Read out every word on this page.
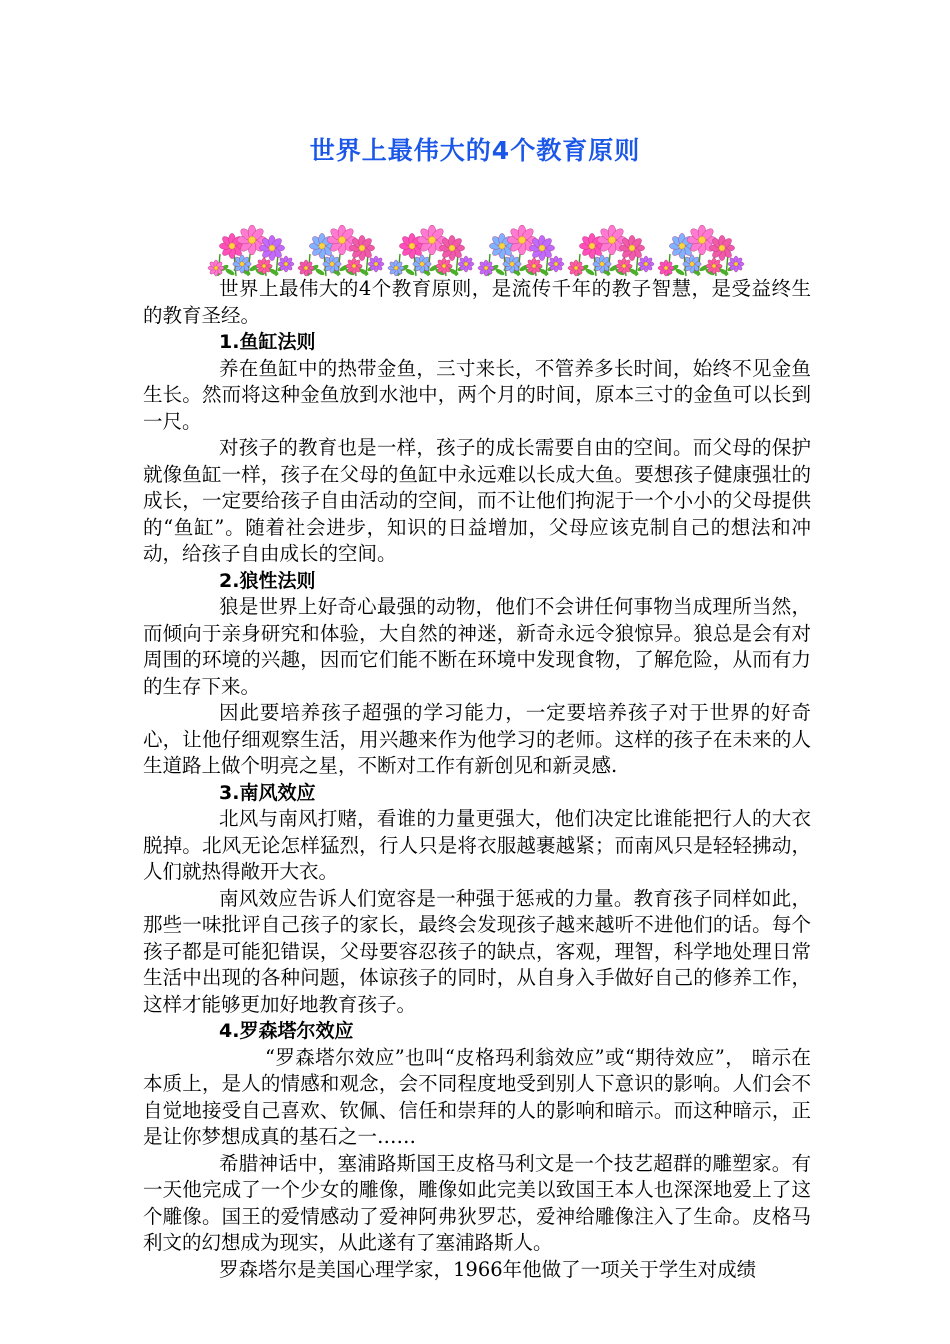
世界上最伟大的4个教育原则

世界上最伟大的4个教育原则，是流传千年的教子智慧，是受益终生的教育圣经。

1.鱼缸法则

养在鱼缸中的热带金鱼，三寸来长，不管养多长时间，始终不见金鱼生长。然而将这种金鱼放到水池中，两个月的时间，原本三寸的金鱼可以长到一尺。

对孩子的教育也是一样，孩子的成长需要自由的空间。而父母的保护就像鱼缸一样，孩子在父母的鱼缸中永远难以长成大鱼。要想孩子健康强壮的成长，一定要给孩子自由活动的空间，而不让他们拘泥于一个小小的父母提供的“鱼缸”。随着社会进步，知识的日益增加，父母应该克制自己的想法和冲动，给孩子自由成长的空间。

2.狼性法则

狼是世界上好奇心最强的动物，他们不会讲任何事物当成理所当然，而倾向于亲身研究和体验，大自然的神迷，新奇永远令狼惊异。狼总是会有对周围的环境的兴趣，因而它们能不断在环境中发现食物，了解危险，从而有力的生存下来。

因此要培养孩子超强的学习能力，一定要培养孩子对于世界的好奇心，让他仔细观察生活，用兴趣来作为他学习的老师。这样的孩子在未来的人生道路上做个明亮之星，不断对工作有新创见和新灵感.

3.南风效应

北风与南风打赌，看谁的力量更强大，他们决定比谁能把行人的大衣脱掉。北风无论怎样猛烈，行人只是将衣服越裹越紧；而南风只是轻轻拂动，人们就热得敞开大衣。

南风效应告诉人们宽容是一种强于惩戒的力量。教育孩子同样如此，那些一味批评自己孩子的家长，最终会发现孩子越来越听不进他们的话。每个孩子都是可能犯错误，父母要容忍孩子的缺点，客观，理智，科学地处理日常生活中出现的各种问题，体谅孩子的同时，从自身入手做好自己的修养工作，这样才能够更加好地教育孩子。

4.罗森塔尔效应

“罗森塔尔效应”也叫“皮格玛利翁效应”或“期待效应”， 暗示在本质上，是人的情感和观念，会不同程度地受到别人下意识的影响。人们会不自觉地接受自己喜欢、钦佩、信任和崇拜的人的影响和暗示。而这种暗示，正是让你梦想成真的基石之一……

希腊神话中，塞浦路斯国王皮格马利文是一个技艺超群的雕塑家。有一天他完成了一个少女的雕像，雕像如此完美以致国王本人也深深地爱上了这个雕像。国王的爱情感动了爱神阿弗狄罗芯，爱神给雕像注入了生命。皮格马利文的幻想成为现实，从此遂有了塞浦路斯人。

罗森塔尔是美国心理学家，1966年他做了一项关于学生对成绩
